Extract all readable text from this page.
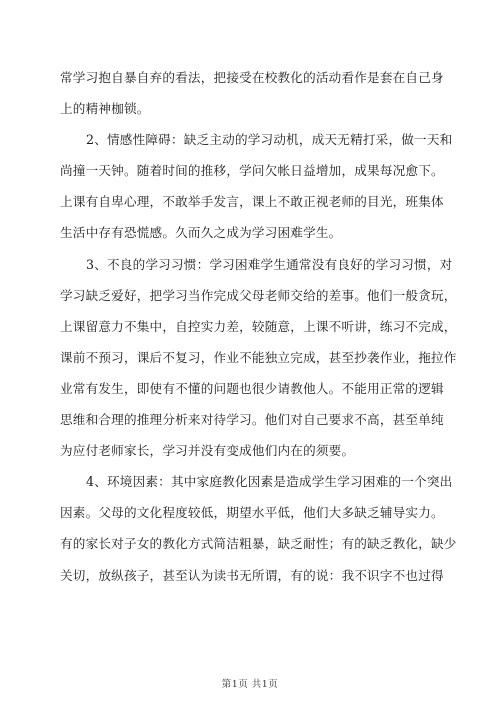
常学习抱自暴自弃的看法，把接受在校教化的活动看作是套在自己身
上的精神枷锁。
2、情感性障碍：缺乏主动的学习动机，成天无精打采，做一天和
尚撞一天钟。随着时间的推移，学问欠帐日益增加，成果每况愈下。
上课有自卑心理，不敢举手发言，课上不敢正视老师的目光，班集体
生活中存有恐慌感。久而久之成为学习困难学生。
3、不良的学习习惯：学习困难学生通常没有良好的学习习惯，对
学习缺乏爱好，把学习当作完成父母老师交给的差事。他们一般贪玩，
上课留意力不集中，自控实力差，较随意，上课不听讲，练习不完成，
课前不预习，课后不复习，作业不能独立完成，甚至抄袭作业，拖拉作
业常有发生，即使有不懂的问题也很少请教他人。不能用正常的逻辑
思维和合理的推理分析来对待学习。他们对自己要求不高，甚至单纯
为应付老师家长，学习并没有变成他们内在的须要。
4、环境因素：其中家庭教化因素是造成学生学习困难的一个突出
因素。父母的文化程度较低，期望水平低，他们大多缺乏辅导实力。
有的家长对子女的教化方式简洁粗暴，缺乏耐性；有的缺乏教化，缺少
关切，放纵孩子，甚至认为读书无所谓，有的说：我不识字不也过得
第1页 共1页
